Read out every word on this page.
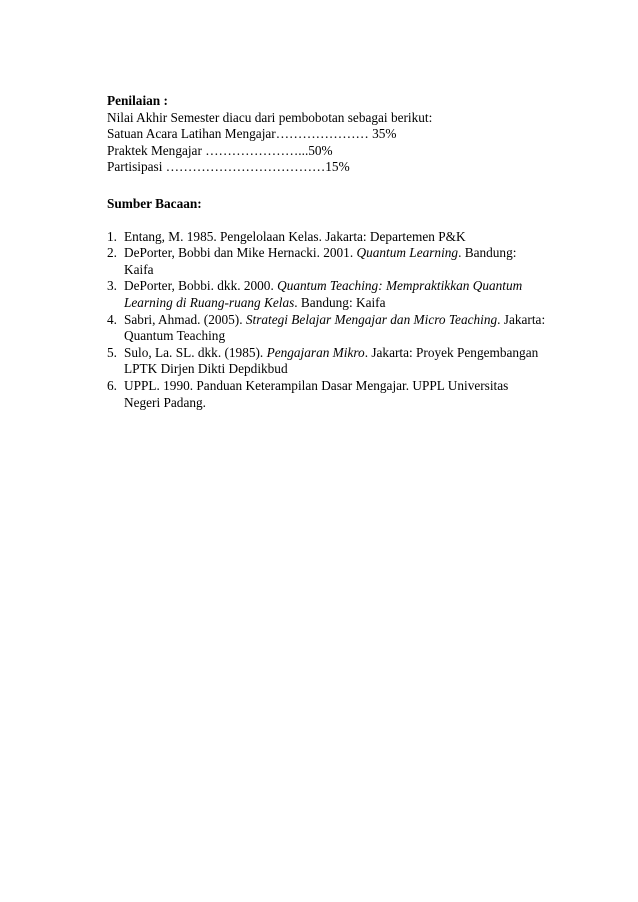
Penilaian :

Nilai Akhir Semester diacu dari pembobotan sebagai berikut:

Satuan Acara Latihan Mengajar………………… 35%

Praktek Mengajar …………………...50%

Partisipasi ………………………………15%

Sumber Bacaan:

1. Entang, M. 1985. Pengelolaan Kelas. Jakarta: Departemen P&K
2. DePorter, Bobbi dan Mike Hernacki. 2001. Quantum Learning. Bandung: Kaifa
3. DePorter, Bobbi. dkk. 2000. Quantum Teaching: Mempraktikkan Quantum Learning di Ruang-ruang Kelas. Bandung: Kaifa
4. Sabri, Ahmad. (2005). Strategi Belajar Mengajar dan Micro Teaching. Jakarta: Quantum Teaching
5. Sulo, La. SL. dkk. (1985). Pengajaran Mikro. Jakarta: Proyek Pengembangan LPTK Dirjen Dikti Depdikbud
6. UPPL. 1990. Panduan Keterampilan Dasar Mengajar. UPPL Universitas Negeri Padang.
